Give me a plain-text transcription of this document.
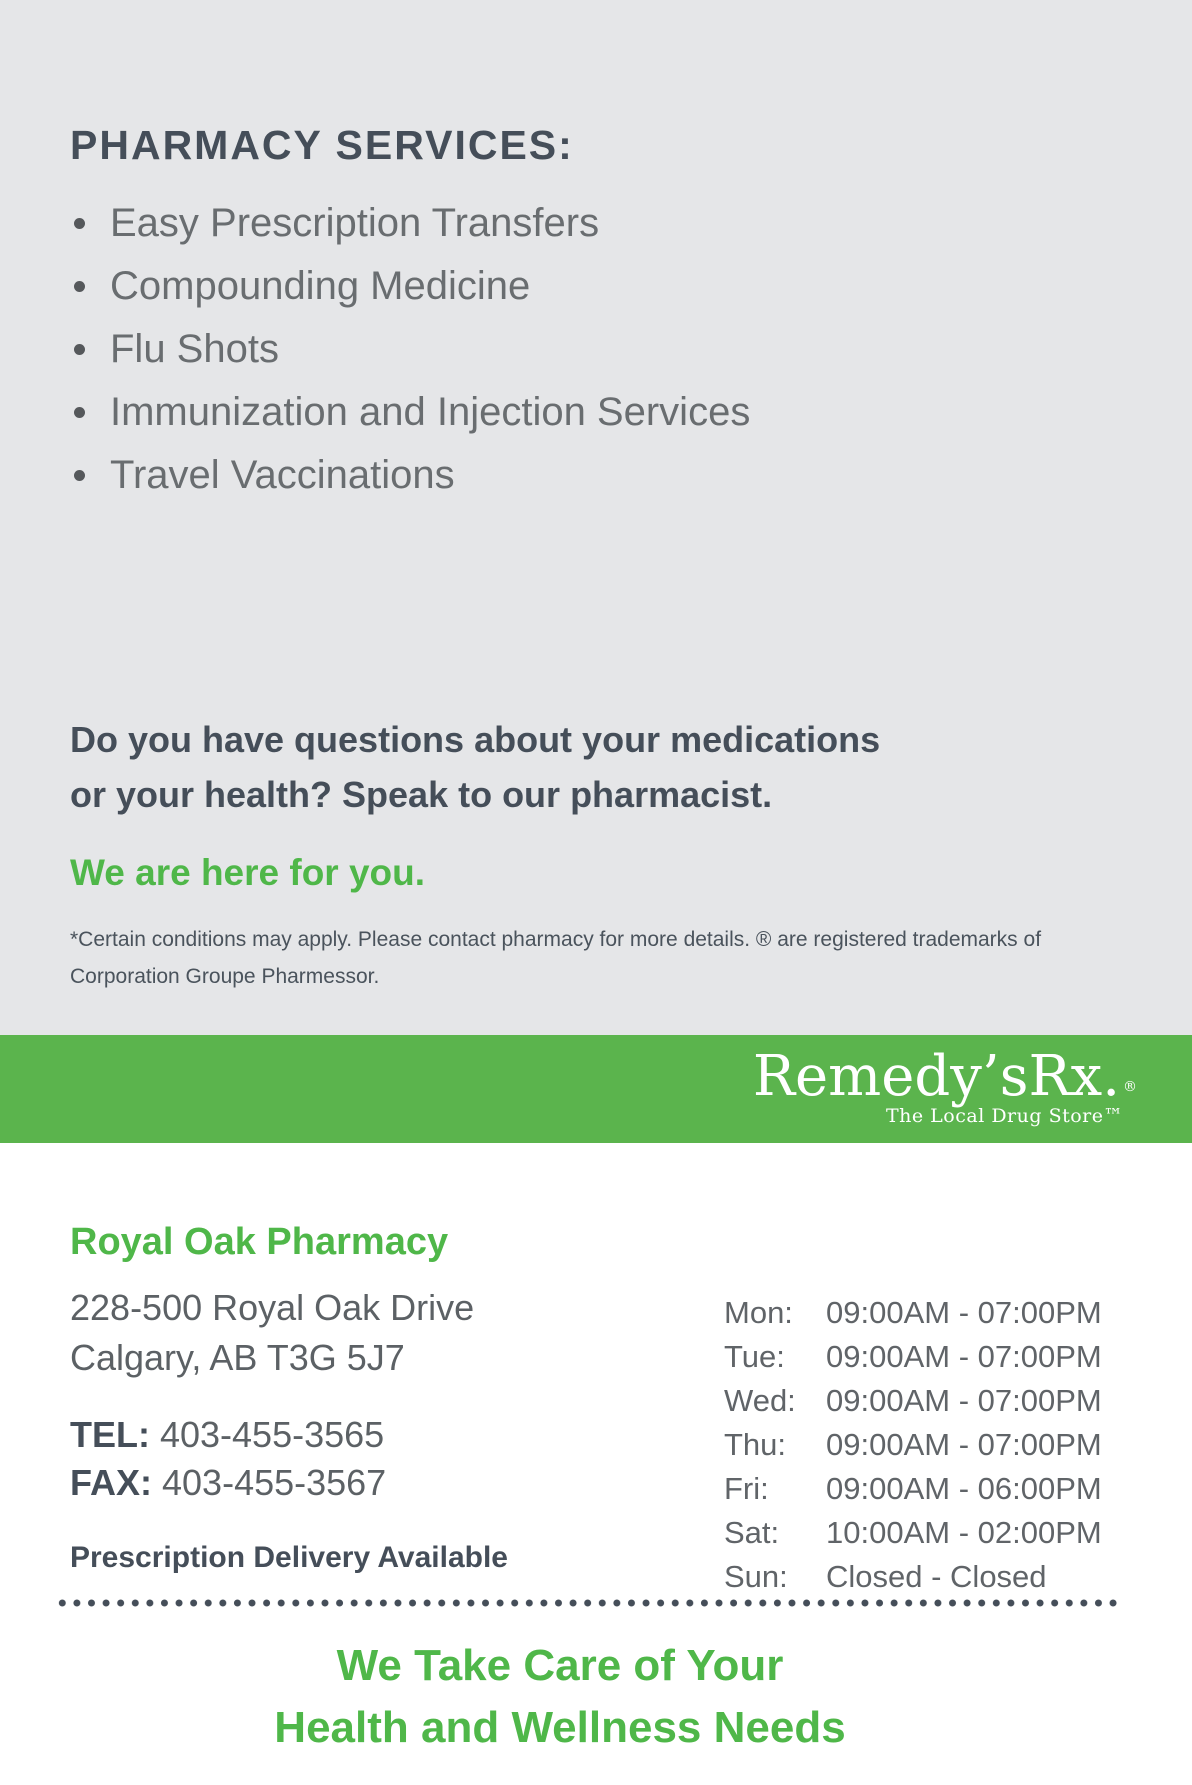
PHARMACY SERVICES:
Easy Prescription Transfers
Compounding Medicine
Flu Shots
Immunization and Injection Services
Travel Vaccinations
Do you have questions about your medications
or your health? Speak to our pharmacist.
We are here for you.
*Certain conditions may apply. Please contact pharmacy for more details. ® are registered trademarks of
Corporation Groupe Pharmessor.
Remedy’sRx. ®
The Local Drug Store™
Royal Oak Pharmacy
228-500 Royal Oak Drive
Calgary, AB T3G 5J7
TEL: 403-455-3565
FAX: 403-455-3567
Prescription Delivery Available
Mon:	09:00AM - 07:00PM
Tue:	09:00AM - 07:00PM
Wed: 09:00AM - 07:00PM
Thu:	09:00AM - 07:00PM
Fri:	09:00AM - 06:00PM
Sat:	10:00AM - 02:00PM
Sun:	Closed - Closed
We Take Care of Your
Health and Wellness Needs
